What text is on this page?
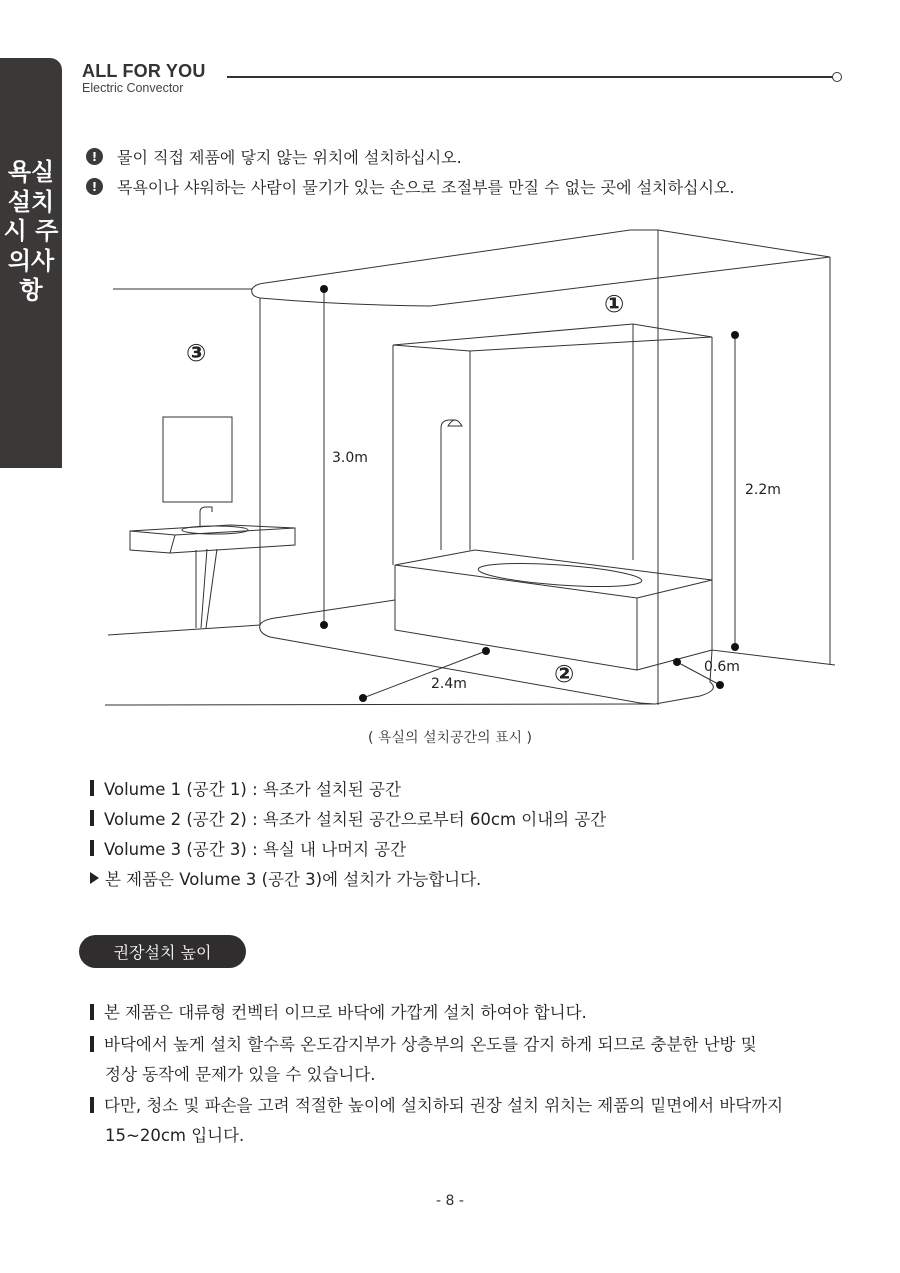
욕실설치시 주의사항
ALL FOR YOU
Electric Convector
!	물이 직접 제품에 닿지 않는 위치에 설치하십시오.
!	목욕이나 샤워하는 사람이 물기가 있는 손으로 조절부를 만질 수 없는 곳에 설치하십시오.
3.0m
2.2m
2.4m
0.6m
①
②
③
( 욕실의 설치공간의 표시 )
Volume 1 (공간 1) : 욕조가 설치된 공간
Volume 2 (공간 2) : 욕조가 설치된 공간으로부터 60cm 이내의 공간
Volume 3 (공간 3) : 욕실 내 나머지 공간
본 제품은 Volume 3 (공간 3)에 설치가 가능합니다.
권장설치 높이
본 제품은 대류형 컨벡터 이므로 바닥에 가깝게 설치 하여야 합니다.
바닥에서 높게 설치 할수록 온도감지부가 상층부의 온도를 감지 하게 되므로 충분한 난방 및
정상 동작에 문제가 있을 수 있습니다.
다만, 청소 및 파손을 고려 적절한 높이에 설치하되 권장 설치 위치는 제품의 밑면에서 바닥까지
15~20cm 입니다.
- 8 -
